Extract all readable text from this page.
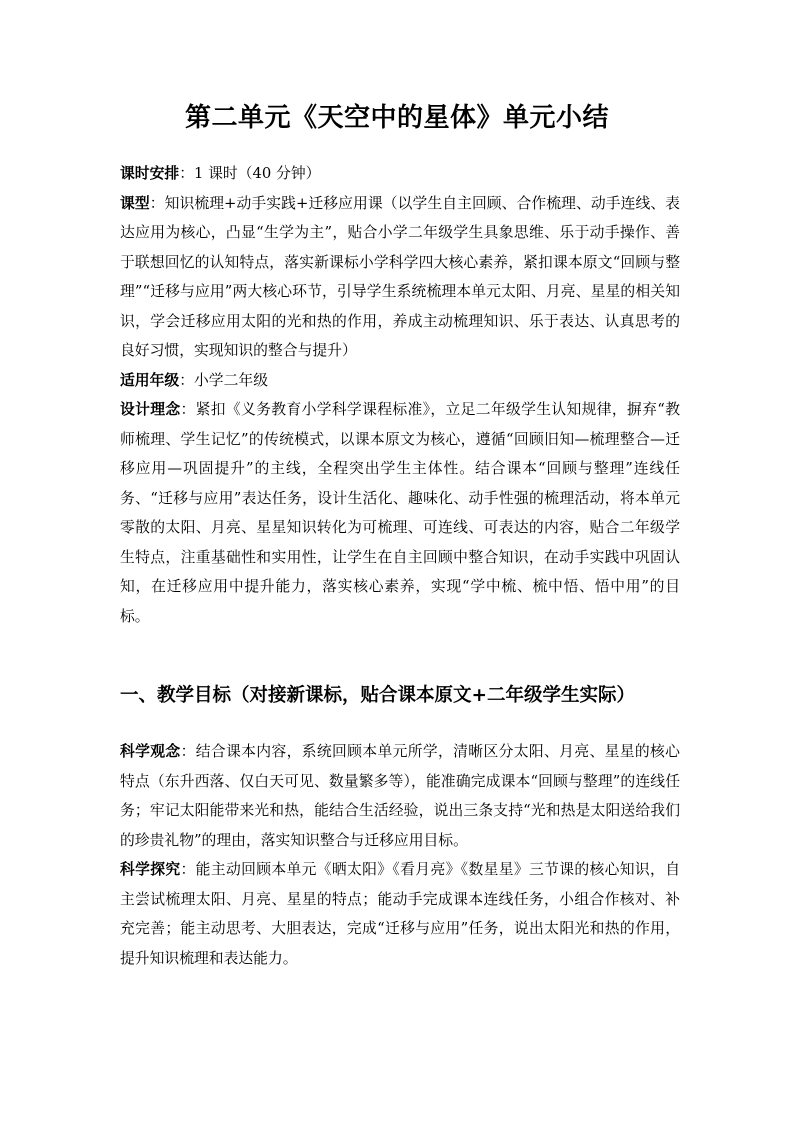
第二单元《天空中的星体》单元小结

课时安排：1 课时（40 分钟）

课型：知识梳理+动手实践+迁移应用课（以学生自主回顾、合作梳理、动手连线、表达应用为核心，凸显“生学为主”，贴合小学二年级学生具象思维、乐于动手操作、善于联想回忆的认知特点，落实新课标小学科学四大核心素养，紧扣课本原文“回顾与整理”“迁移与应用”两大核心环节，引导学生系统梳理本单元太阳、月亮、星星的相关知识，学会迁移应用太阳的光和热的作用，养成主动梳理知识、乐于表达、认真思考的良好习惯，实现知识的整合与提升）

适用年级：小学二年级

设计理念：紧扣《义务教育小学科学课程标准》，立足二年级学生认知规律，摒弃“教师梳理、学生记忆”的传统模式，以课本原文为核心，遵循“回顾旧知—梳理整合—迁移应用—巩固提升”的主线，全程突出学生主体性。结合课本“回顾与整理”连线任务、“迁移与应用”表达任务，设计生活化、趣味化、动手性强的梳理活动，将本单元零散的太阳、月亮、星星知识转化为可梳理、可连线、可表达的内容，贴合二年级学生特点，注重基础性和实用性，让学生在自主回顾中整合知识，在动手实践中巩固认知，在迁移应用中提升能力，落实核心素养，实现“学中梳、梳中悟、悟中用”的目标。

一、教学目标（对接新课标，贴合课本原文+二年级学生实际）

科学观念：结合课本内容，系统回顾本单元所学，清晰区分太阳、月亮、星星的核心特点（东升西落、仅白天可见、数量繁多等），能准确完成课本“回顾与整理”的连线任务；牢记太阳能带来光和热，能结合生活经验，说出三条支持“光和热是太阳送给我们的珍贵礼物”的理由，落实知识整合与迁移应用目标。

科学探究：能主动回顾本单元《晒太阳》《看月亮》《数星星》三节课的核心知识，自主尝试梳理太阳、月亮、星星的特点；能动手完成课本连线任务，小组合作核对、补充完善；能主动思考、大胆表达，完成“迁移与应用”任务，说出太阳光和热的作用，提升知识梳理和表达能力。
